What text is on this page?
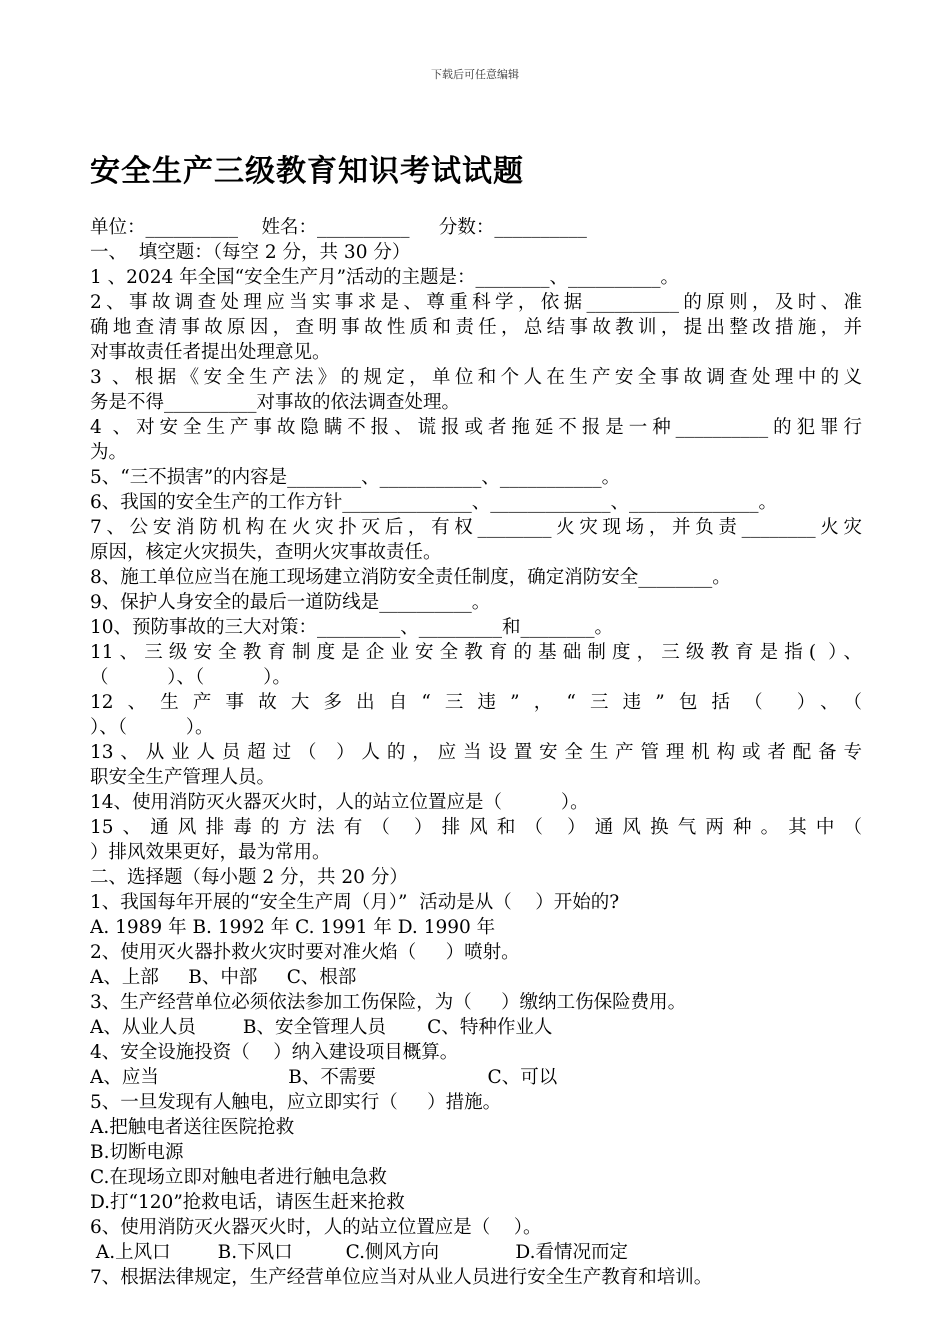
下载后可任意编辑
安全生产三级教育知识考试试题
单位：__________    姓名：__________     分数：__________
一、  填空题：（每空 2 分，共 30 分）
1 、2024 年全国“安全生产月”活动的主题是：________、__________。
2、事故调查处理应当实事求是、尊重科学，依据__________的原则，及时、准
确地查清事故原因，查明事故性质和责任，总结事故教训，提出整改措施，并
对事故责任者提出处理意见。
3 、根据《安全生产法》的规定，单位和个人在生产安全事故调查处理中的义
务是不得__________对事故的依法调查处理。
4 、对安全生产事故隐瞒不报、谎报或者拖延不报是一种__________的犯罪行
为。
5、“三不损害”的内容是________、___________、___________。
6、我国的安全生产的工作方针______________、_____________、______________。
7、公安消防机构在火灾扑灭后，有权________火灾现场，并负责________火灾
原因，核定火灾损失，查明火灾事故责任。
8、施工单位应当在施工现场建立消防安全责任制度，确定消防安全________。
9、保护人身安全的最后一道防线是__________。
10、预防事故的三大对策：_________、_________和________。
11、三级安全教育制度是企业安全教育的基础制度，三级教育是指( ）、
（          ）、（          ）。
12、生产事故大多出自“三违”，“三违”包括（ ）、（
）、（          ）。
13、从业人员超过（ ）人的，应当设置安全生产管理机构或者配备专
职安全生产管理人员。
14、使用消防灭火器灭火时，人的站立位置应是（          ）。
15、通风排毒的方法有（ ）排风和（ ）通风换气两种。其中（
）排风效果更好，最为常用。
二、选择题（每小题 2 分，共 20 分）
1、我国每年开展的“安全生产周（月）”  活动是从（    ）开始的?
A. 1989 年 B. 1992 年 C. 1991 年 D. 1990 年
2、使用灭火器扑救火灾时要对准火焰（     ）喷射。
A、上部     B、中部     C、根部
3、生产经营单位必须依法参加工伤保险，为（     ）缴纳工伤保险费用。
A、从业人员        B、安全管理人员       C、特种作业人
4、安全设施投资（    ）纳入建设项目概算。
A、应当                      B、不需要                   C、可以
5、一旦发现有人触电，应立即实行（     ）措施。
A.把触电者送往医院抢救
B.切断电源
C.在现场立即对触电者进行触电急救
D.打“120”抢救电话，请医生赶来抢救
6、使用消防灭火器灭火时，人的站立位置应是（    ）。
A.上风口        B.下风口         C.侧风方向             D.看情况而定
7、根据法律规定，生产经营单位应当对从业人员进行安全生产教育和培训。
